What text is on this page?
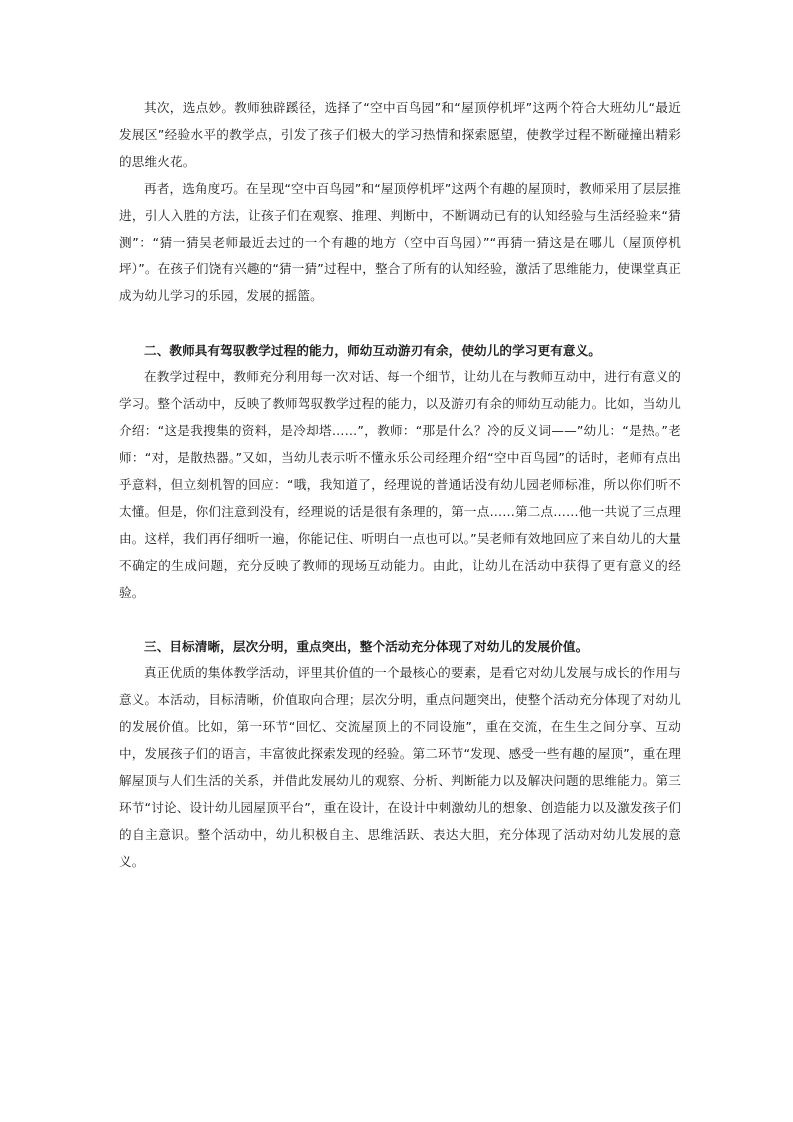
其次，选点妙。教师独辟蹊径，选择了“空中百鸟园”和“屋顶停机坪”这两个符合大班幼儿“最近发展区”经验水平的教学点，引发了孩子们极大的学习热情和探索愿望，使教学过程不断碰撞出精彩的思维火花。

再者，选角度巧。在呈现“空中百鸟园”和“屋顶停机坪”这两个有趣的屋顶时，教师采用了层层推进，引人入胜的方法，让孩子们在观察、推理、判断中，不断调动已有的认知经验与生活经验来“猜测”：“猜一猜吴老师最近去过的一个有趣的地方（空中百鸟园）”“再猜一猜这是在哪儿（屋顶停机坪）”。在孩子们饶有兴趣的“猜一猜”过程中，整合了所有的认知经验，激活了思维能力，使课堂真正成为幼儿学习的乐园，发展的摇篮。

二、教师具有驾驭教学过程的能力，师幼互动游刃有余，使幼儿的学习更有意义。

在教学过程中，教师充分利用每一次对话、每一个细节，让幼儿在与教师互动中，进行有意义的学习。整个活动中，反映了教师驾驭教学过程的能力，以及游刃有余的师幼互动能力。比如，当幼儿介绍：“这是我搜集的资料，是冷却塔……”，教师：“那是什么？冷的反义词——”幼儿：“是热。”老师：“对，是散热器。”又如，当幼儿表示听不懂永乐公司经理介绍“空中百鸟园”的话时，老师有点出乎意料，但立刻机智的回应：“哦，我知道了，经理说的普通话没有幼儿园老师标准，所以你们听不太懂。但是，你们注意到没有，经理说的话是很有条理的，第一点……第二点……他一共说了三点理由。这样，我们再仔细听一遍，你能记住、听明白一点也可以。”吴老师有效地回应了来自幼儿的大量不确定的生成问题，充分反映了教师的现场互动能力。由此，让幼儿在活动中获得了更有意义的经验。

三、目标清晰，层次分明，重点突出，整个活动充分体现了对幼儿的发展价值。

真正优质的集体教学活动，评里其价值的一个最核心的要素，是看它对幼儿发展与成长的作用与意义。本活动，目标清晰，价值取向合理；层次分明，重点问题突出，使整个活动充分体现了对幼儿的发展价值。比如，第一环节“回忆、交流屋顶上的不同设施”，重在交流，在生生之间分享、互动中，发展孩子们的语言，丰富彼此探索发现的经验。第二环节“发现、感受一些有趣的屋顶”，重在理解屋顶与人们生活的关系，并借此发展幼儿的观察、分析、判断能力以及解决问题的思维能力。第三环节“讨论、设计幼儿园屋顶平台”，重在设计，在设计中刺激幼儿的想象、创造能力以及激发孩子们的自主意识。整个活动中，幼儿积极自主、思维活跃、表达大胆，充分体现了活动对幼儿发展的意义。
